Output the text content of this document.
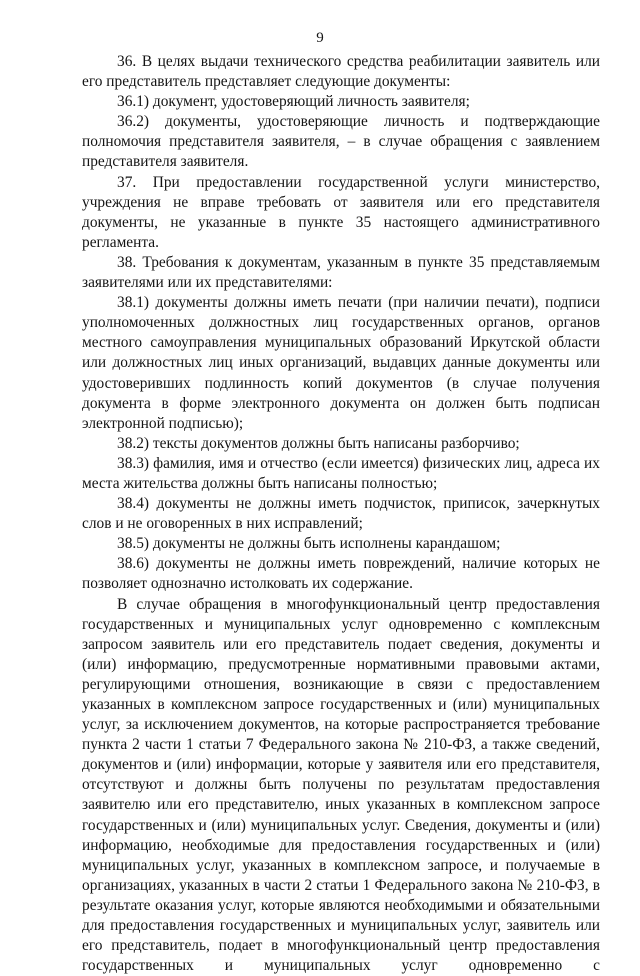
9

36. В целях выдачи технического средства реабилитации заявитель или его представитель представляет следующие документы:

36.1) документ, удостоверяющий личность заявителя;

36.2) документы, удостоверяющие личность и подтверждающие полномочия представителя заявителя, – в случае обращения с заявлением представителя заявителя.

37. При предоставлении государственной услуги министерство, учреждения не вправе требовать от заявителя или его представителя документы, не указанные в пункте 35 настоящего административного регламента.

38. Требования к документам, указанным в пункте 35 представляемым заявителями или их представителями:

38.1) документы должны иметь печати (при наличии печати), подписи уполномоченных должностных лиц государственных органов, органов местного самоуправления муниципальных образований Иркутской области или должностных лиц иных организаций, выдавцих данные документы или удостоверивших подлинность копий документов (в случае получения документа в форме электронного документа он должен быть подписан электронной подписью);

38.2) тексты документов должны быть написаны разборчиво;

38.3) фамилия, имя и отчество (если имеется) физических лиц, адреса их места жительства должны быть написаны полностью;

38.4) документы не должны иметь подчисток, приписок, зачеркнутых слов и не оговоренных в них исправлений;

38.5) документы не должны быть исполнены карандашом;

38.6) документы не должны иметь повреждений, наличие которых не позволяет однозначно истолковать их содержание.

В случае обращения в многофункциональный центр предоставления государственных и муниципальных услуг одновременно с комплексным запросом заявитель или его представитель подает сведения, документы и (или) информацию, предусмотренные нормативными правовыми актами, регулирующими отношения, возникающие в связи с предоставлением указанных в комплексном запросе государственных и (или) муниципальных услуг, за исключением документов, на которые распространяется требование пункта 2 части 1 статьи 7 Федерального закона № 210-ФЗ, а также сведений, документов и (или) информации, которые у заявителя или его представителя, отсутствуют и должны быть получены по результатам предоставления заявителю или его представителю, иных указанных в комплексном запросе государственных и (или) муниципальных услуг. Сведения, документы и (или) информацию, необходимые для предоставления государственных и (или) муниципальных услуг, указанных в комплексном запросе, и получаемые в организациях, указанных в части 2 статьи 1 Федерального закона № 210-ФЗ, в результате оказания услуг, которые являются необходимыми и обязательными для предоставления государственных и муниципальных услуг, заявитель или его представитель, подает в многофункциональный центр предоставления государственных и муниципальных услуг одновременно с
